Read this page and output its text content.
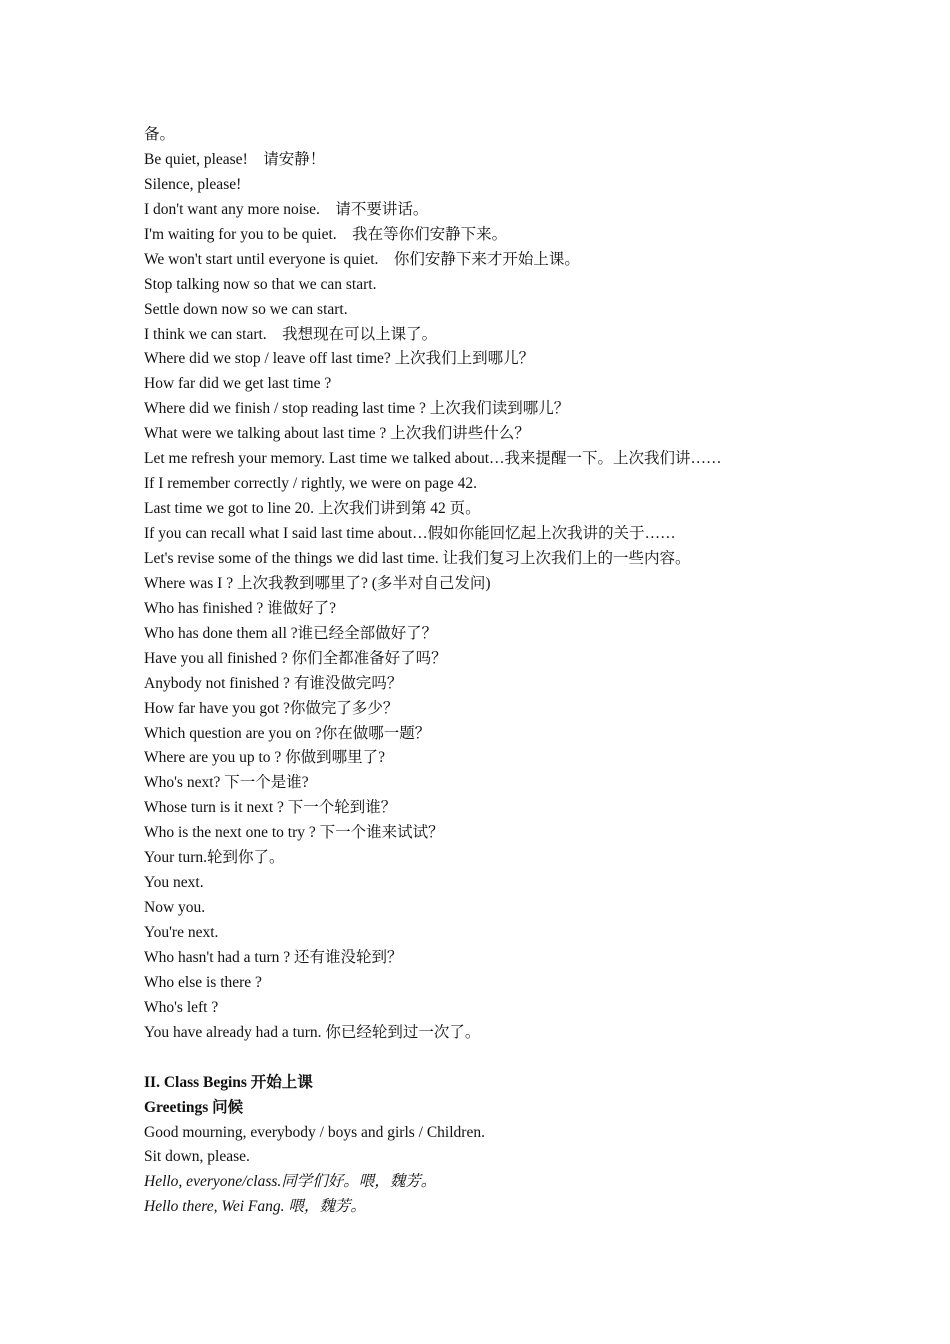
备。
Be quiet, please!    请安静！
Silence, please!
I don't want any more noise.    请不要讲话。
I'm waiting for you to be quiet.    我在等你们安静下来。
We won't start until everyone is quiet.    你们安静下来才开始上课。
Stop talking now so that we can start.
Settle down now so we can start.
I think we can start.    我想现在可以上课了。
Where did we stop / leave off last time? 上次我们上到哪儿？
How far did we get last time ?
Where did we finish / stop reading last time ? 上次我们读到哪儿？
What were we talking about last time ? 上次我们讲些什么？
Let me refresh your memory. Last time we talked about…我来提醒一下。上次我们讲……
If I remember correctly / rightly, we were on page 42.
Last time we got to line 20. 上次我们讲到第 42 页。
If you can recall what I said last time about…假如你能回忆起上次我讲的关于……
Let's revise some of the things we did last time. 让我们复习上次我们上的一些内容。
Where was I ? 上次我教到哪里了? (多半对自己发问)
Who has finished ? 谁做好了?
Who has done them all ?谁已经全部做好了？
Have you all finished ? 你们全都准备好了吗？
Anybody not finished ? 有谁没做完吗？
How far have you got ?你做完了多少？
Which question are you on ?你在做哪一题？
Where are you up to ? 你做到哪里了?
Who's next? 下一个是谁?
Whose turn is it next ? 下一个轮到谁？
Who is the next one to try ? 下一个谁来试试？
Your turn.轮到你了。
You next.
Now you.
You're next.
Who hasn't had a turn ? 还有谁没轮到？
Who else is there ?
Who's left ?
You have already had a turn. 你已经轮到过一次了。
II. Class Begins 开始上课
Greetings 问候
Good mourning, everybody / boys and girls / Children.
Sit down, please.
Hello, everyone/class.同学们好。喂，魏芳。
Hello there, Wei Fang. 喂，魏芳。
